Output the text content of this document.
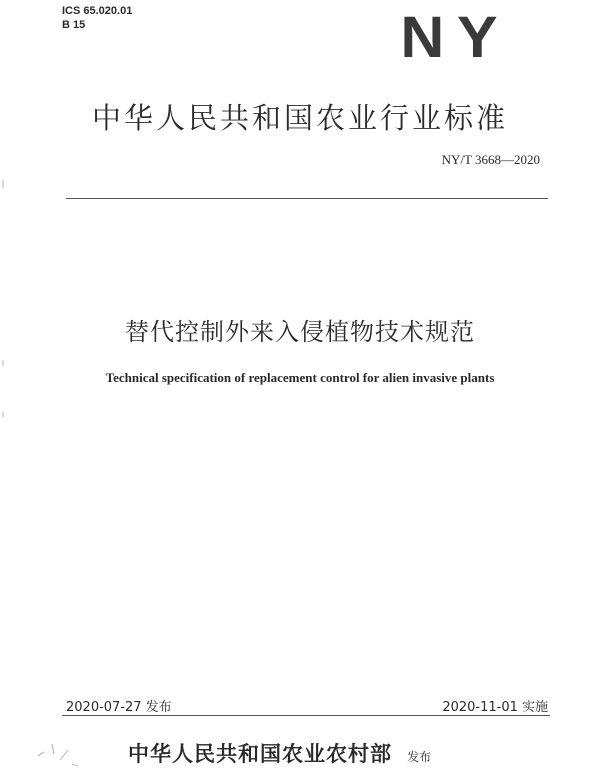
ICS 65.020.01
B 15	NY
中华人民共和国农业行业标准
NY/T 3668—2020
替代控制外来入侵植物技术规范
Technical specification of replacement control for alien invasive plants
2020-07-27 发布	2020-11-01 实施
中华人民共和国农业农村部 发布
